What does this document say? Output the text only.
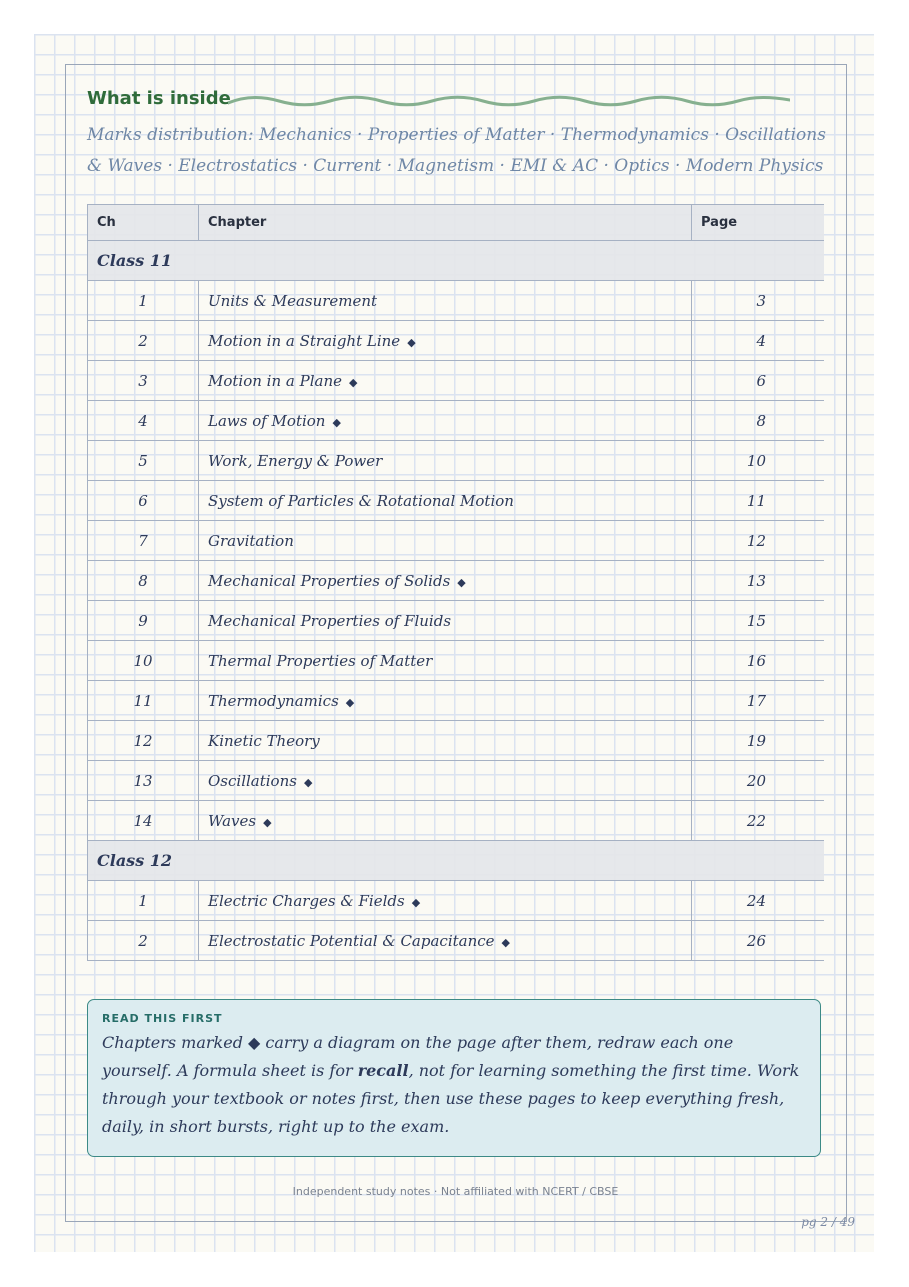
What is inside

Marks distribution: Mechanics · Properties of Matter · Thermodynamics · Oscillations & Waves · Electrostatics · Current · Magnetism · EMI & AC · Optics · Modern Physics

Ch	Chapter	Page
Class 11		
1	Units & Measurement	3
2	Motion in a Straight Line ◆	4
3	Motion in a Plane ◆	6
4	Laws of Motion ◆	8
5	Work, Energy & Power	10
6	System of Particles & Rotational Motion	11
7	Gravitation	12
8	Mechanical Properties of Solids ◆	13
9	Mechanical Properties of Fluids	15
10	Thermal Properties of Matter	16
11	Thermodynamics ◆	17
12	Kinetic Theory	19
13	Oscillations ◆	20
14	Waves ◆	22
Class 12		
1	Electric Charges & Fields ◆	24
2	Electrostatic Potential & Capacitance ◆	26

READ THIS FIRST

Chapters marked ◆ carry a diagram on the page after them, redraw each one yourself. A formula sheet is for recall, not for learning something the first time. Work through your textbook or notes first, then use these pages to keep everything fresh, daily, in short bursts, right up to the exam.

Independent study notes · Not affiliated with NCERT / CBSE

pg 2 / 49
